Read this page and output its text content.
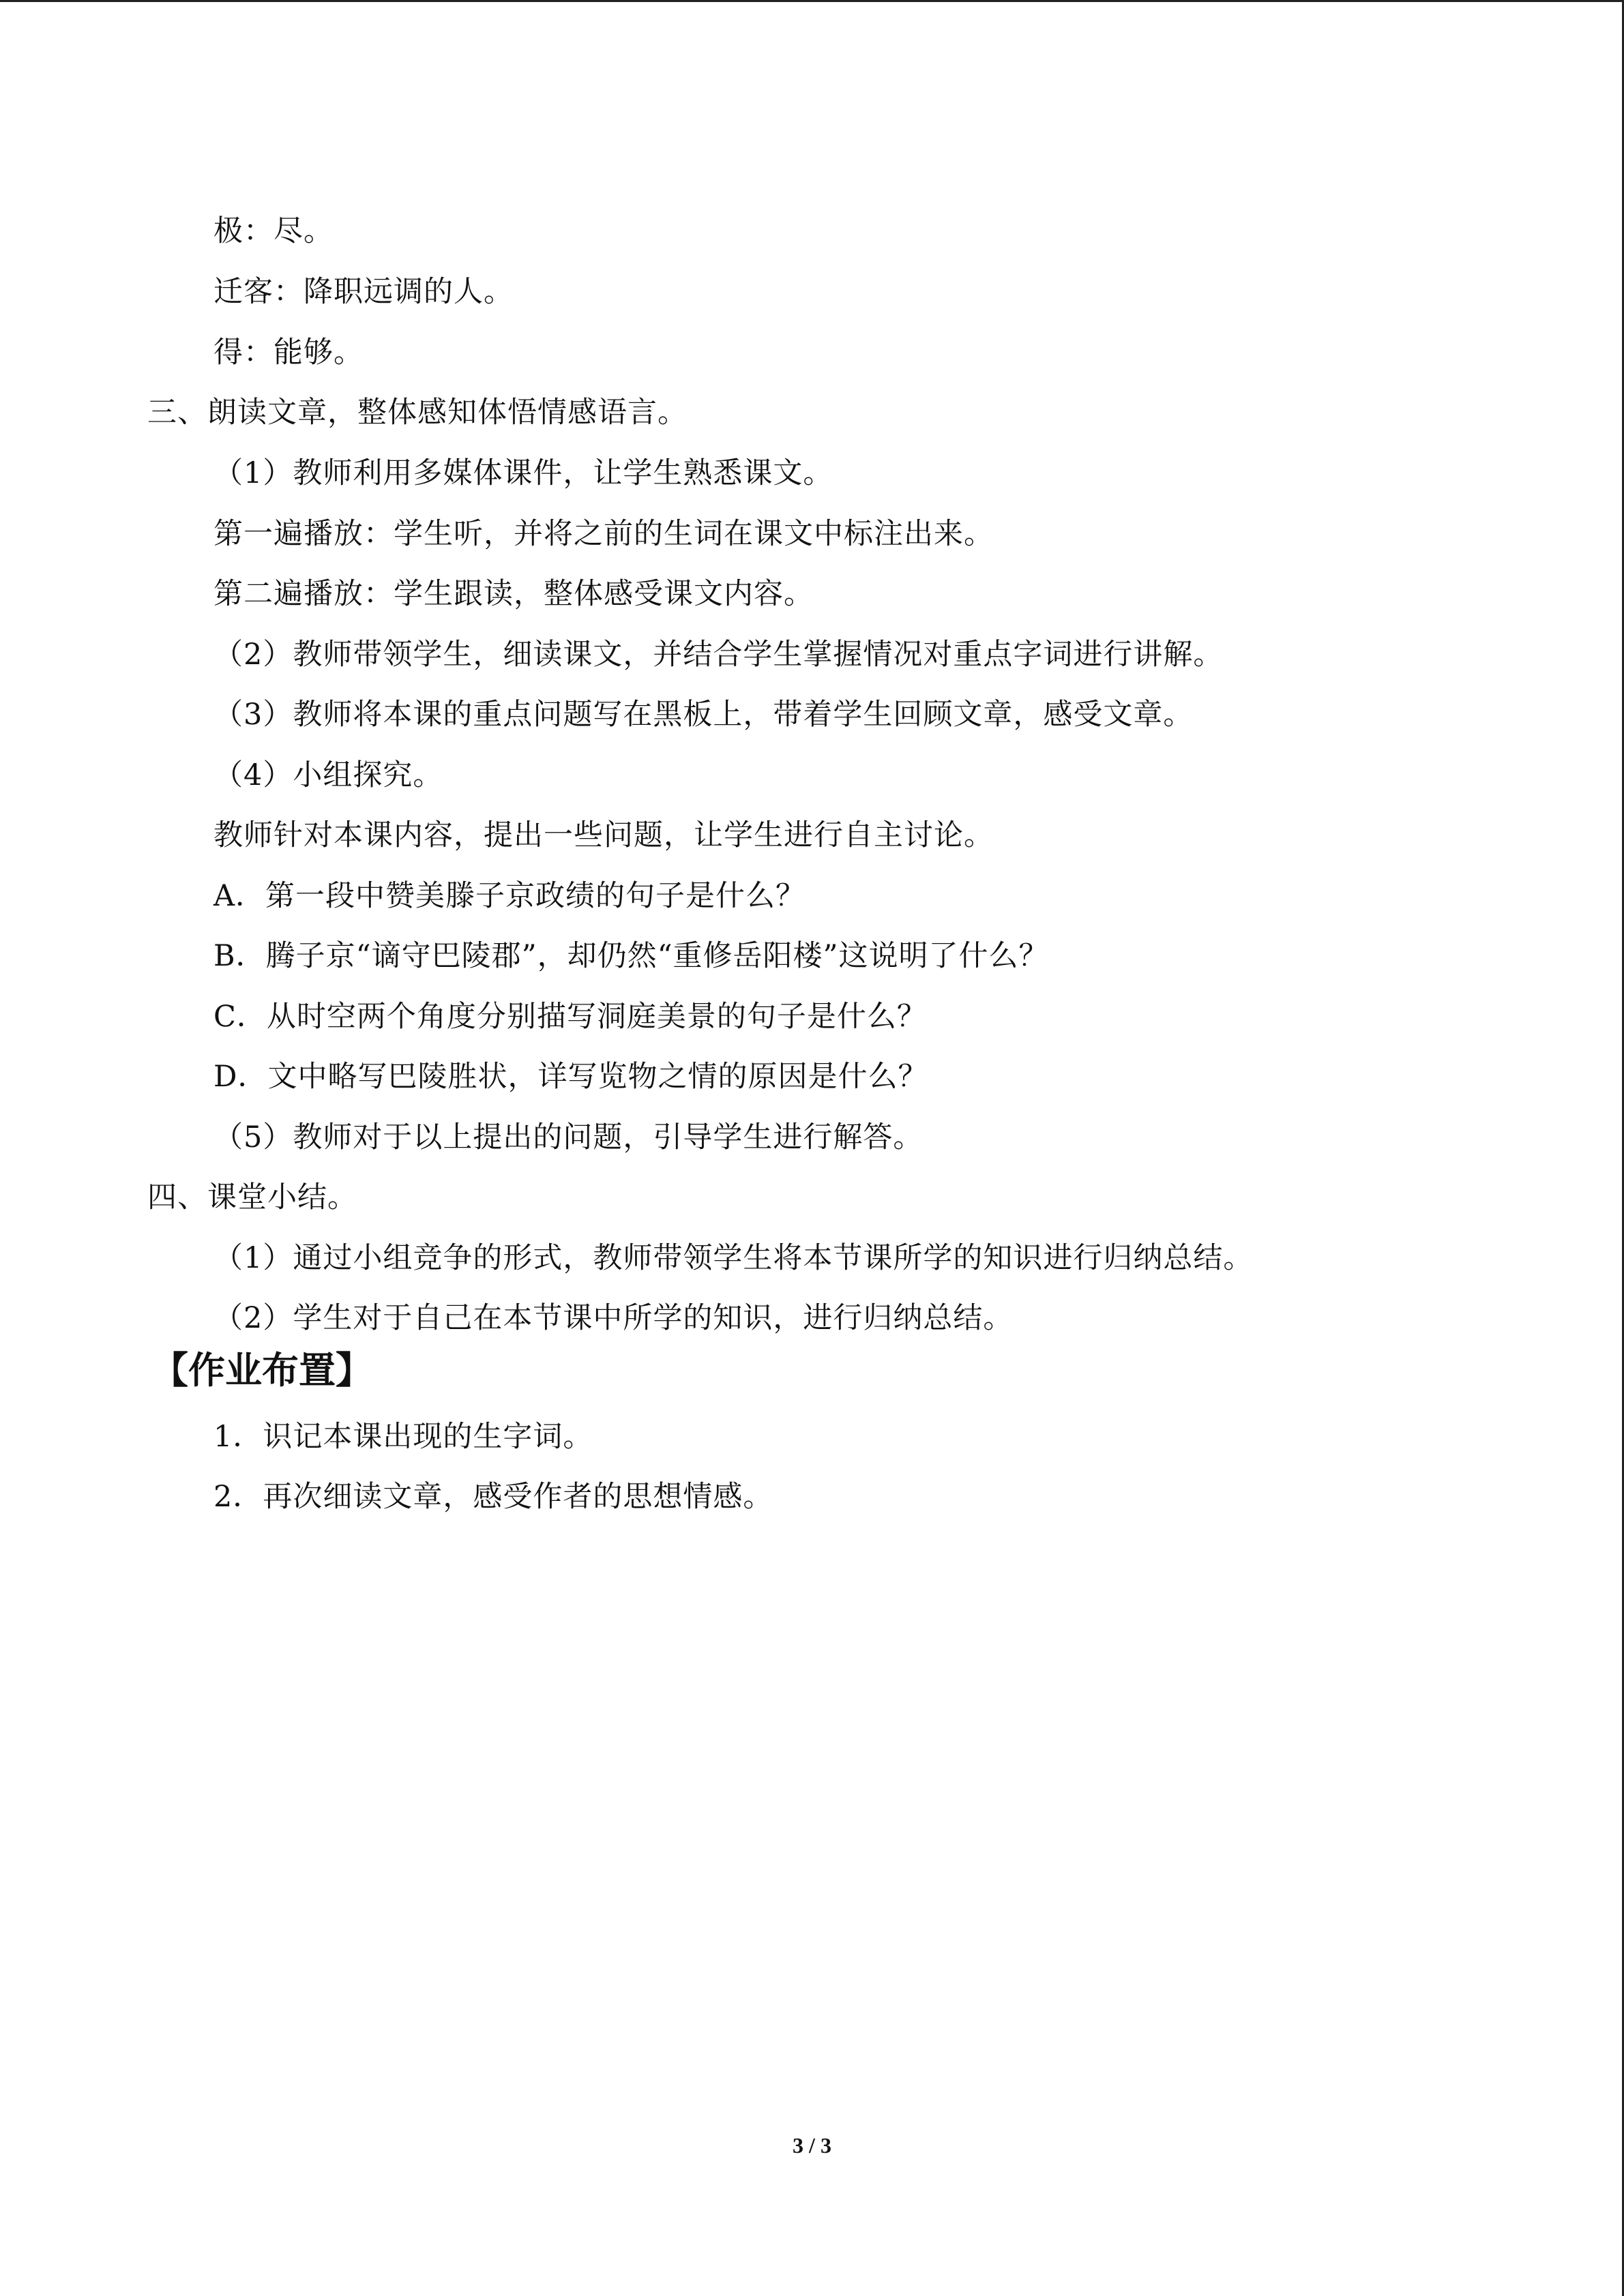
极：尽。
迁客：降职远调的人。
得：能够。
三、朗读文章，整体感知体悟情感语言。
（1）教师利用多媒体课件，让学生熟悉课文。
第一遍播放：学生听，并将之前的生词在课文中标注出来。
第二遍播放：学生跟读，整体感受课文内容。
（2）教师带领学生，细读课文，并结合学生掌握情况对重点字词进行讲解。
（3）教师将本课的重点问题写在黑板上，带着学生回顾文章，感受文章。
（4）小组探究。
教师针对本课内容，提出一些问题，让学生进行自主讨论。
A．第一段中赞美滕子京政绩的句子是什么？
B．腾子京“谪守巴陵郡”，却仍然“重修岳阳楼”这说明了什么？
C．从时空两个角度分别描写洞庭美景的句子是什么？
D．文中略写巴陵胜状，详写览物之情的原因是什么？
（5）教师对于以上提出的问题，引导学生进行解答。
四、课堂小结。
（1）通过小组竞争的形式，教师带领学生将本节课所学的知识进行归纳总结。
（2）学生对于自己在本节课中所学的知识，进行归纳总结。
【作业布置】
1．识记本课出现的生字词。
2．再次细读文章，感受作者的思想情感。
3 / 3
